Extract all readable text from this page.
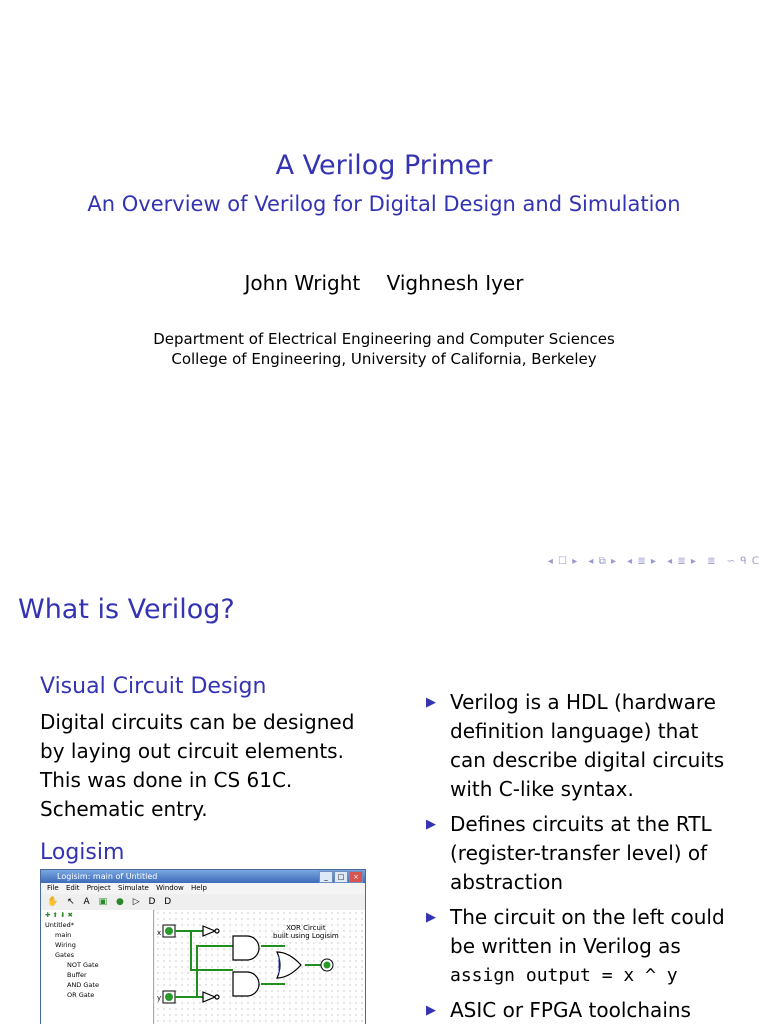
A Verilog Primer
An Overview of Verilog for Digital Design and Simulation
John Wright Vighnesh Iyer
Department of Electrical Engineering and Computer Sciences
College of Engineering, University of California, Berkeley
◂ ☐ ▸ ◂ ⧉ ▸ ◂ ≣ ▸ ◂ ≣ ▸ ≣ ∽ ᑫ ᑕ
What is Verilog?
Visual Circuit Design
Digital circuits can be designed
by laying out circuit elements.
This was done in CS 61C.
Schematic entry.
Logisim
Logisim: main of Untitled	_	□	×
File Edit Project Simulate Window Help
✋ ↖ A ▣ ● ▷ D D
✚ ⬆ ⬇ ✖
Untitled*
main
Wiring
Gates
NOT Gate
Buffer
AND Gate
OR Gate
XOR Circuit
built using Logisim
x
y
▶ Verilog is a HDL (hardware
definition language) that
can describe digital circuits
with C-like syntax.
▶ Defines circuits at the RTL
(register-transfer level) of
abstraction
▶ The circuit on the left could
be written in Verilog as
assign output = x ^ y
▶ ASIC or FPGA toolchains
